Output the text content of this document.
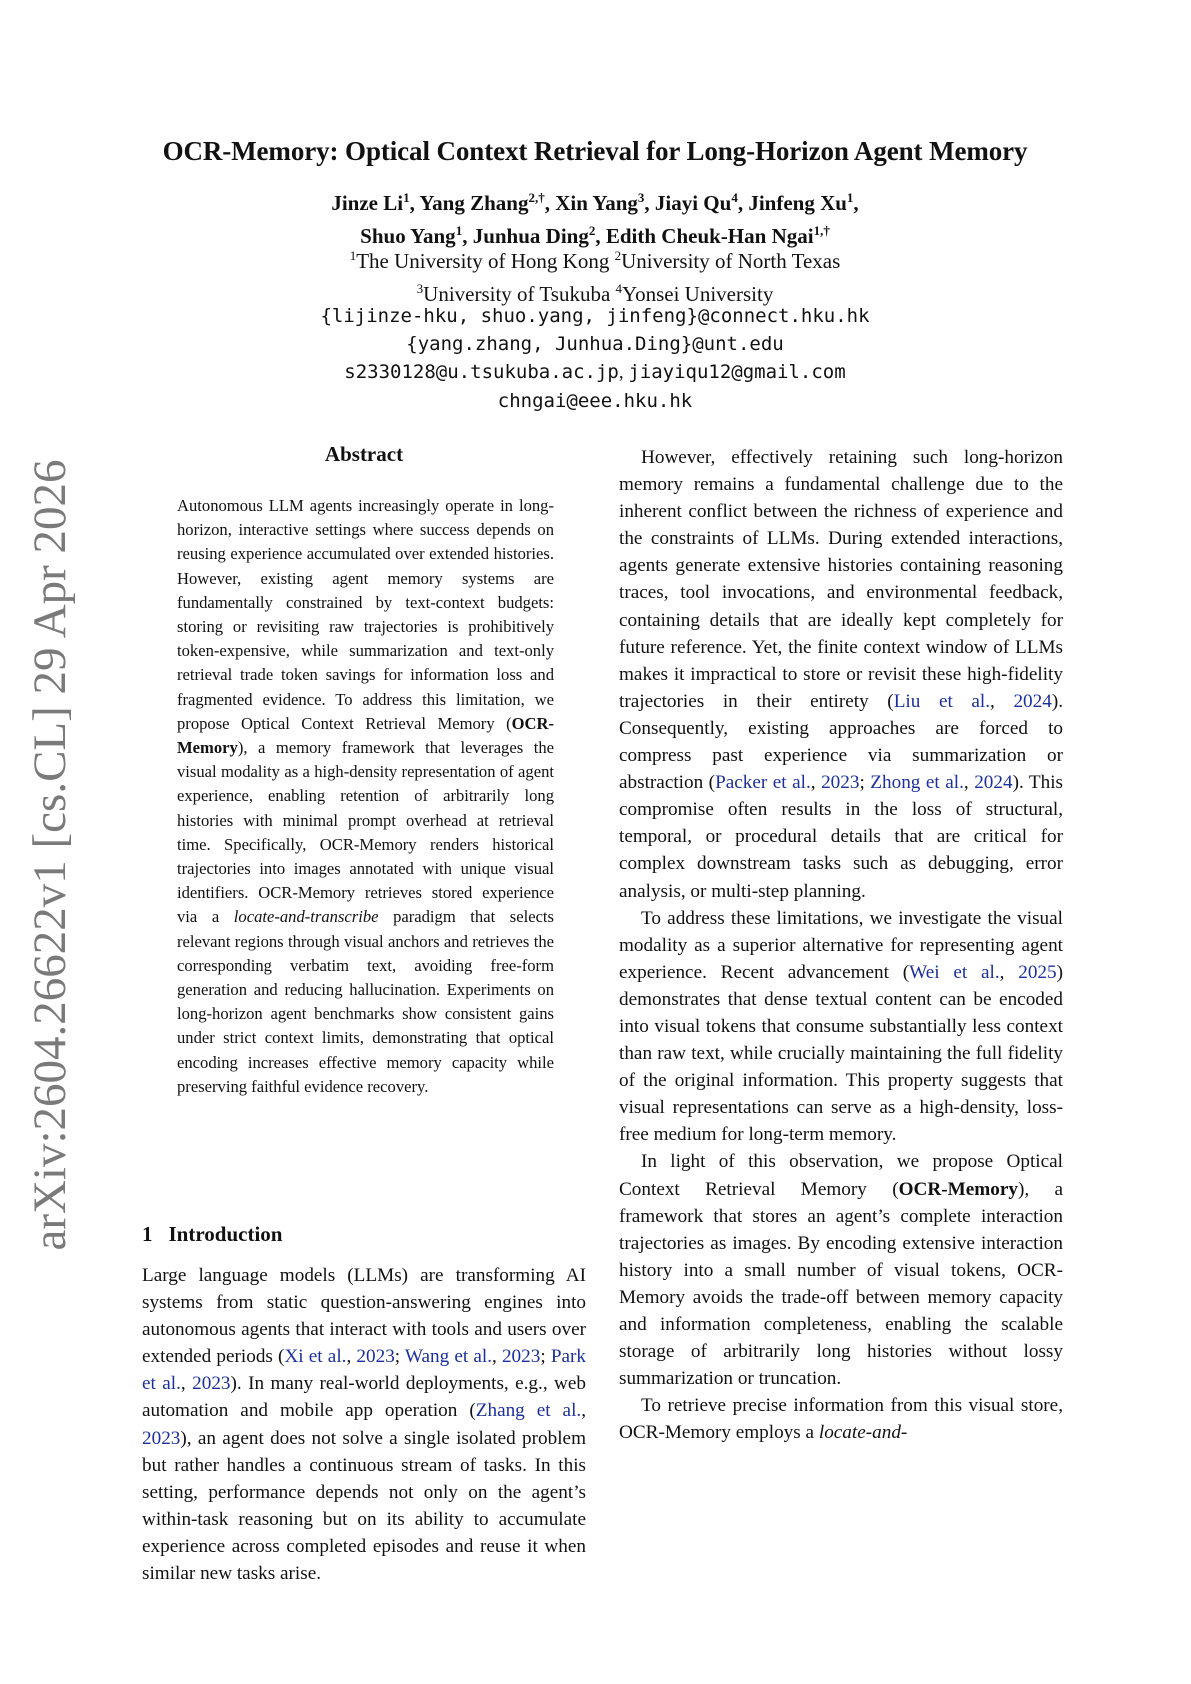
arXiv:2604.26622v1 [cs.CL] 29 Apr 2026
OCR-Memory: Optical Context Retrieval for Long-Horizon Agent Memory
Jinze Li$^1$, Yang Zhang$^{2,\dagger}$, Xin Yang$^3$, Jiayi Qu$^4$, Jinfeng Xu$^1$,
Shuo Yang$^1$, Junhua Ding$^2$, Edith Cheuk-Han Ngai$^{1,\dagger}$
$^1$The University of Hong Kong $^2$University of North Texas
$^3$University of Tsukuba $^4$Yonsei University
{lijinze-hku, shuo.yang, jinfeng}@connect.hku.hk
{yang.zhang, Junhua.Ding}@unt.edu
s2330128@u.tsukuba.ac.jp, jiayiqu12@gmail.com
chngai@eee.hku.hk
Abstract

Autonomous LLM agents increasingly operate in long-horizon, interactive settings where success depends on reusing experience accumulated over extended histories. However, existing agent memory systems are fundamentally constrained by text-context budgets: storing or revisiting raw trajectories is prohibitively token-expensive, while summarization and text-only retrieval trade token savings for information loss and fragmented evidence. To address this limitation, we propose Optical Context Retrieval Memory (OCR-Memory), a memory framework that leverages the visual modality as a high-density representation of agent experience, enabling retention of arbitrarily long histories with minimal prompt overhead at retrieval time. Specifically, OCR-Memory renders historical trajectories into images annotated with unique visual identifiers. OCR-Memory retrieves stored experience via a locate-and-transcribe paradigm that selects relevant regions through visual anchors and retrieves the corresponding verbatim text, avoiding free-form generation and reducing hallucination. Experiments on long-horizon agent benchmarks show consistent gains under strict context limits, demonstrating that optical encoding increases effective memory capacity while preserving faithful evidence recovery.

1 Introduction

Large language models (LLMs) are transforming AI systems from static question-answering engines into autonomous agents that interact with tools and users over extended periods (Xi et al., 2023; Wang et al., 2023; Park et al., 2023). In many real-world deployments, e.g., web automation and mobile app operation (Zhang et al., 2023), an agent does not solve a single isolated problem but rather handles a continuous stream of tasks. In this setting, performance depends not only on the agent’s within-task reasoning but on its ability to accumulate experience across completed episodes and reuse it when similar new tasks arise.

However, effectively retaining such long-horizon memory remains a fundamental challenge due to the inherent conflict between the richness of experience and the constraints of LLMs. During extended interactions, agents generate extensive histories containing reasoning traces, tool invocations, and environmental feedback, containing details that are ideally kept completely for future reference. Yet, the finite context window of LLMs makes it impractical to store or revisit these high-fidelity trajectories in their entirety (Liu et al., 2024). Consequently, existing approaches are forced to compress past experience via summarization or abstraction (Packer et al., 2023; Zhong et al., 2024). This compromise often results in the loss of structural, temporal, or procedural details that are critical for complex downstream tasks such as debugging, error analysis, or multi-step planning.

To address these limitations, we investigate the visual modality as a superior alternative for representing agent experience. Recent advancement (Wei et al., 2025) demonstrates that dense textual content can be encoded into visual tokens that consume substantially less context than raw text, while crucially maintaining the full fidelity of the original information. This property suggests that visual representations can serve as a high-density, loss-free medium for long-term memory.

In light of this observation, we propose Optical Context Retrieval Memory (OCR-Memory), a framework that stores an agent’s complete interaction trajectories as images. By encoding extensive interaction history into a small number of visual tokens, OCR-Memory avoids the trade-off between memory capacity and information completeness, enabling the scalable storage of arbitrarily long histories without lossy summarization or truncation.

To retrieve precise information from this visual store, OCR-Memory employs a locate-and-
